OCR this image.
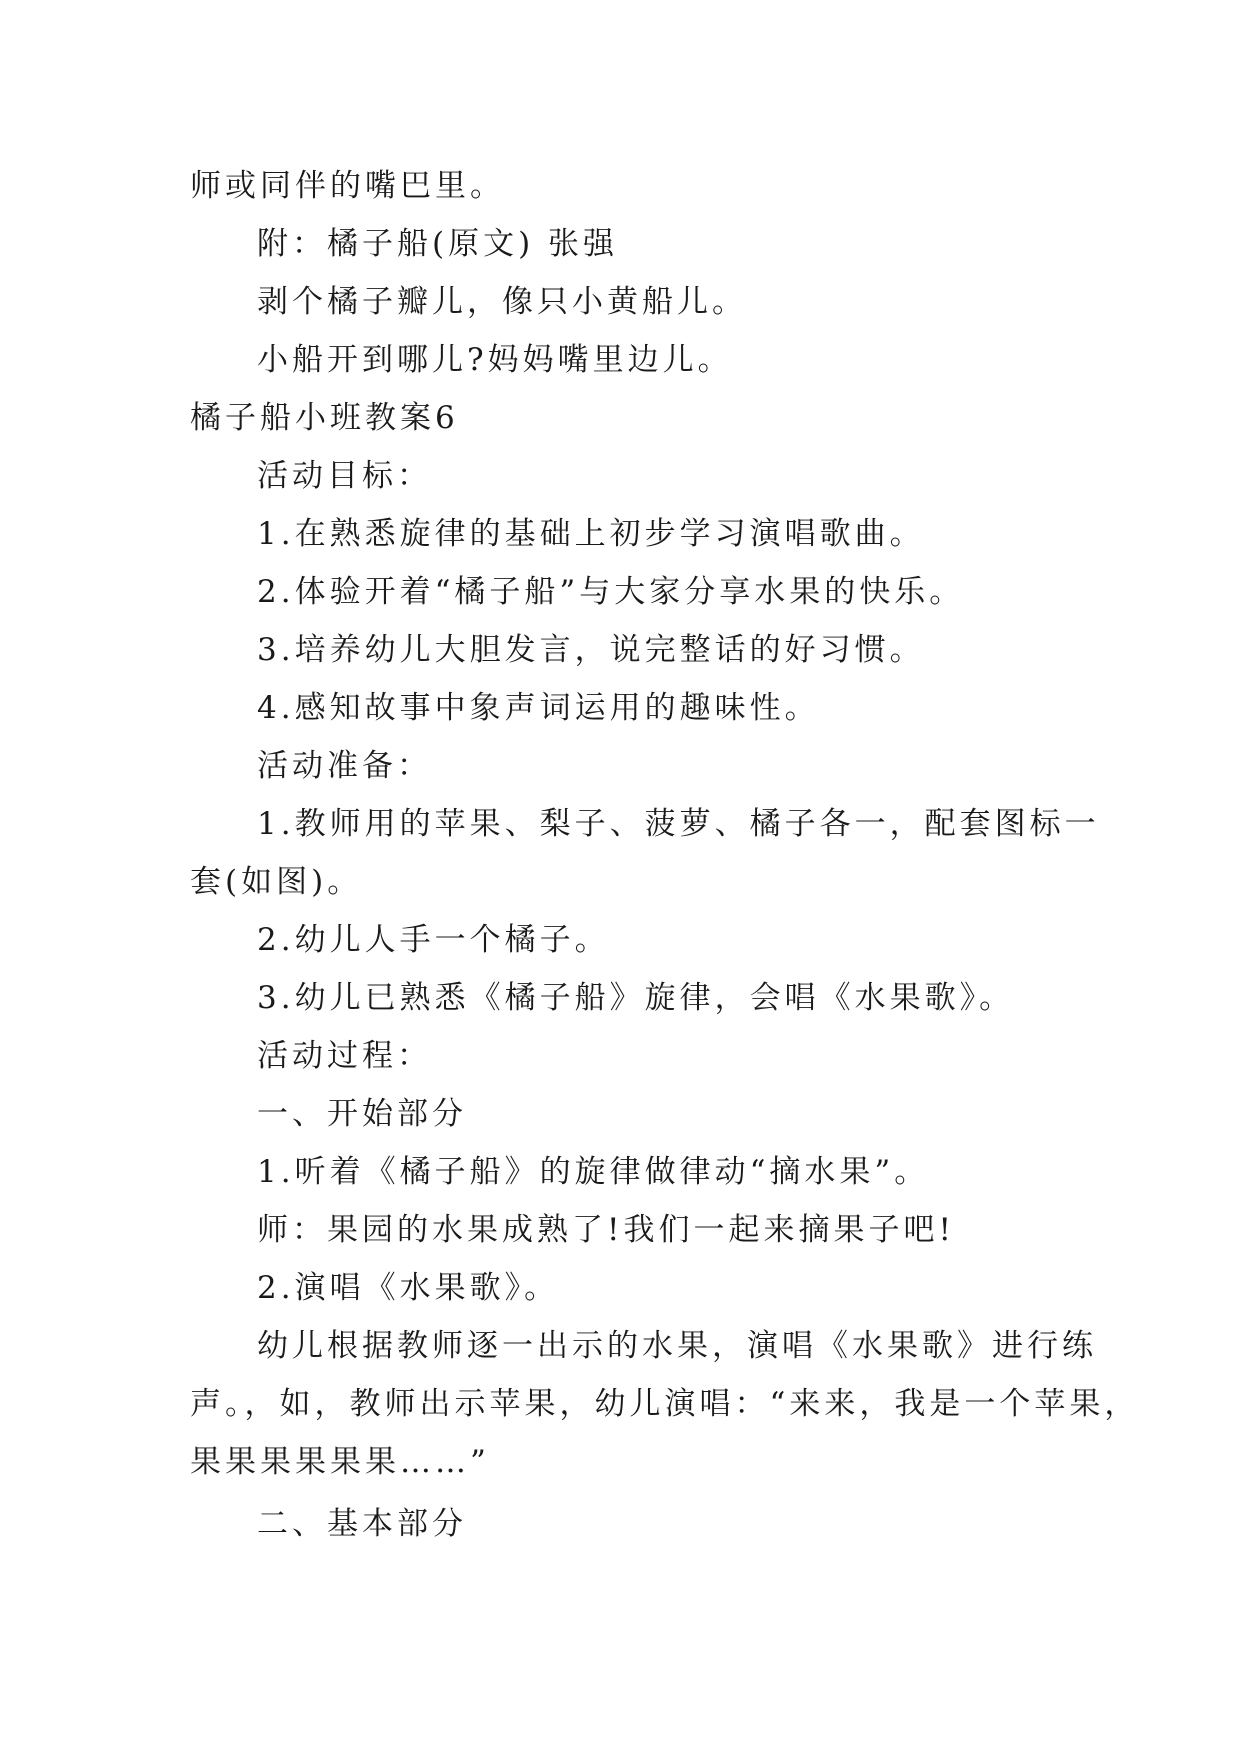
师或同伴的嘴巴里。
附：橘子船(原文) 张强
剥个橘子瓣儿，像只小黄船儿。
小船开到哪儿?妈妈嘴里边儿。
橘子船小班教案6
活动目标：
1.在熟悉旋律的基础上初步学习演唱歌曲。
2.体验开着“橘子船”与大家分享水果的快乐。
3.培养幼儿大胆发言，说完整话的好习惯。
4.感知故事中象声词运用的趣味性。
活动准备：
1.教师用的苹果、梨子、菠萝、橘子各一，配套图标一
套(如图)。
2.幼儿人手一个橘子。
3.幼儿已熟悉《橘子船》旋律，会唱《水果歌》。
活动过程：
一、开始部分
1.听着《橘子船》的旋律做律动“摘水果”。
师：果园的水果成熟了!我们一起来摘果子吧!
2.演唱《水果歌》。
幼儿根据教师逐一出示的水果，演唱《水果歌》进行练
声。，如，教师出示苹果，幼儿演唱：“来来，我是一个苹果，
果果果果果果……”
二、基本部分
